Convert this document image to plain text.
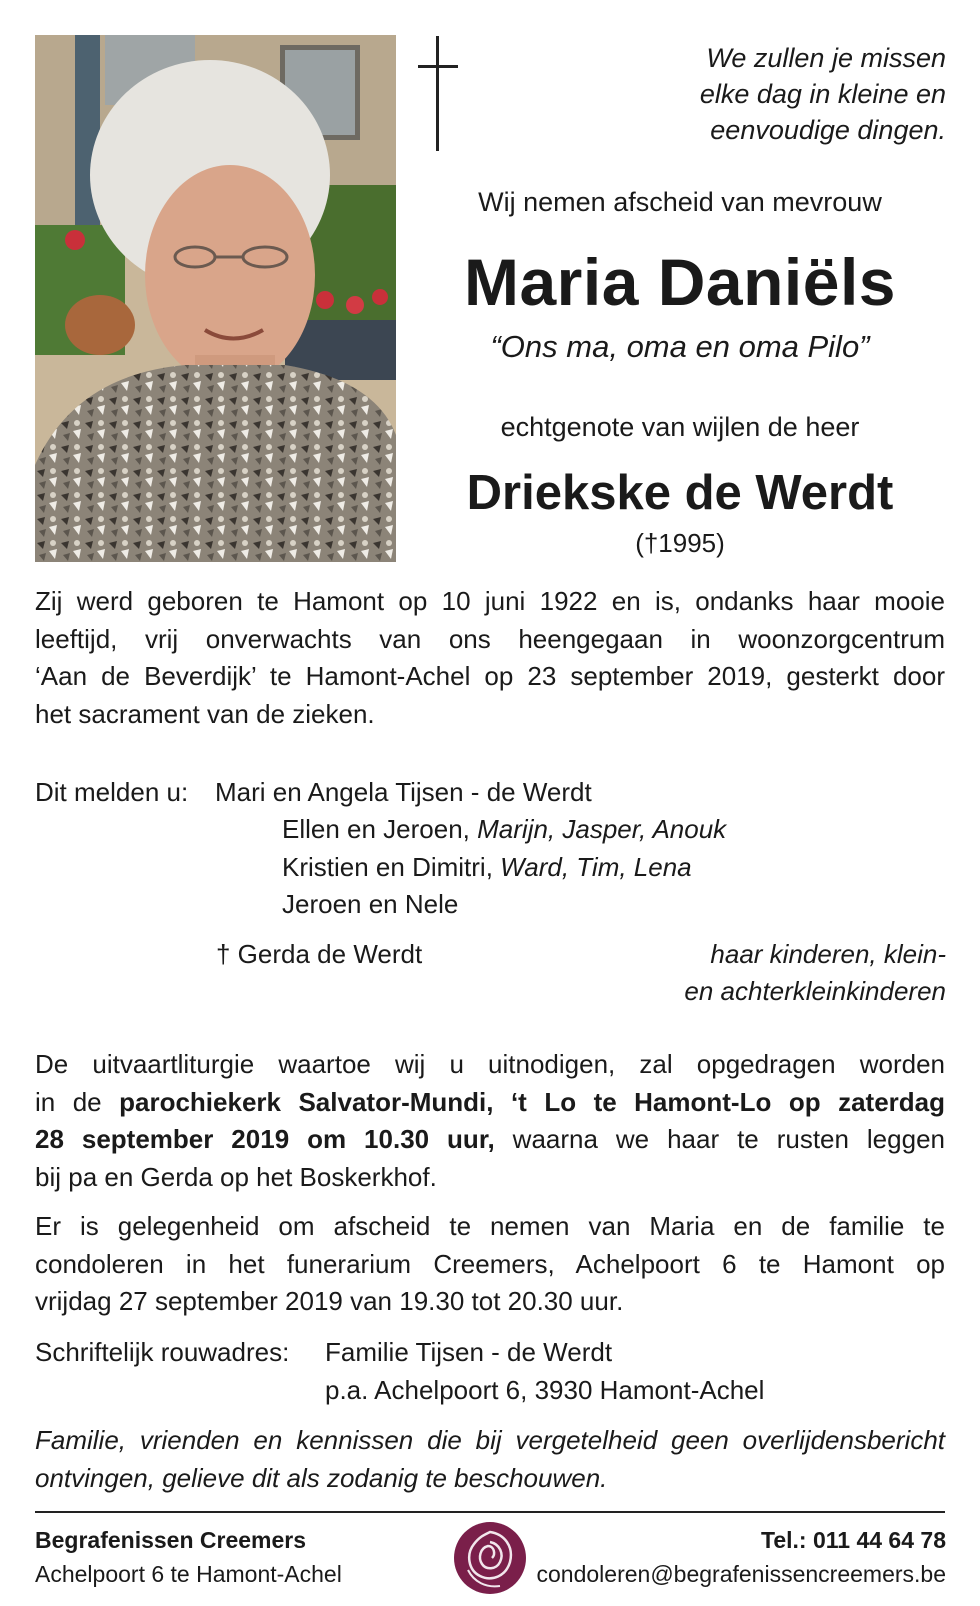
We zullen je missen
elke dag in kleine en
eenvoudige dingen.
Wij nemen afscheid van mevrouw
Maria Daniëls
“Ons ma, oma en oma Pilo”
echtgenote van wijlen de heer
Driekske de Werdt
(†1995)
Zij werd geboren te Hamont op 10 juni 1922 en is, ondanks haar mooie
leeftijd, vrij onverwachts van ons heengegaan in woonzorgcentrum
‘Aan de Beverdijk’ te Hamont-Achel op 23 september 2019, gesterkt door
het sacrament van de zieken.
Dit melden u: Mari en Angela Tijsen - de Werdt
Ellen en Jeroen, Marijn, Jasper, Anouk
Kristien en Dimitri, Ward, Tim, Lena
Jeroen en Nele
† Gerda de Werdt	haar kinderen, klein-
en achterkleinkinderen
De uitvaartliturgie waartoe wij u uitnodigen, zal opgedragen worden
in de parochiekerk Salvator-Mundi, ‘t Lo te Hamont-Lo op zaterdag
28 september 2019 om 10.30 uur, waarna we haar te rusten leggen
bij pa en Gerda op het Boskerkhof.
Er is gelegenheid om afscheid te nemen van Maria en de familie te
condoleren in het funerarium Creemers, Achelpoort 6 te Hamont op
vrijdag 27 september 2019 van 19.30 tot 20.30 uur.
Schriftelijk rouwadres: Familie Tijsen - de Werdt
p.a. Achelpoort 6, 3930 Hamont-Achel
Familie, vrienden en kennissen die bij vergetelheid geen overlijdensbericht
ontvingen, gelieve dit als zodanig te beschouwen.
Begrafenissen Creemers
Achelpoort 6 te Hamont-Achel
Tel.: 011 44 64 78
condoleren@begrafenissencreemers.be
